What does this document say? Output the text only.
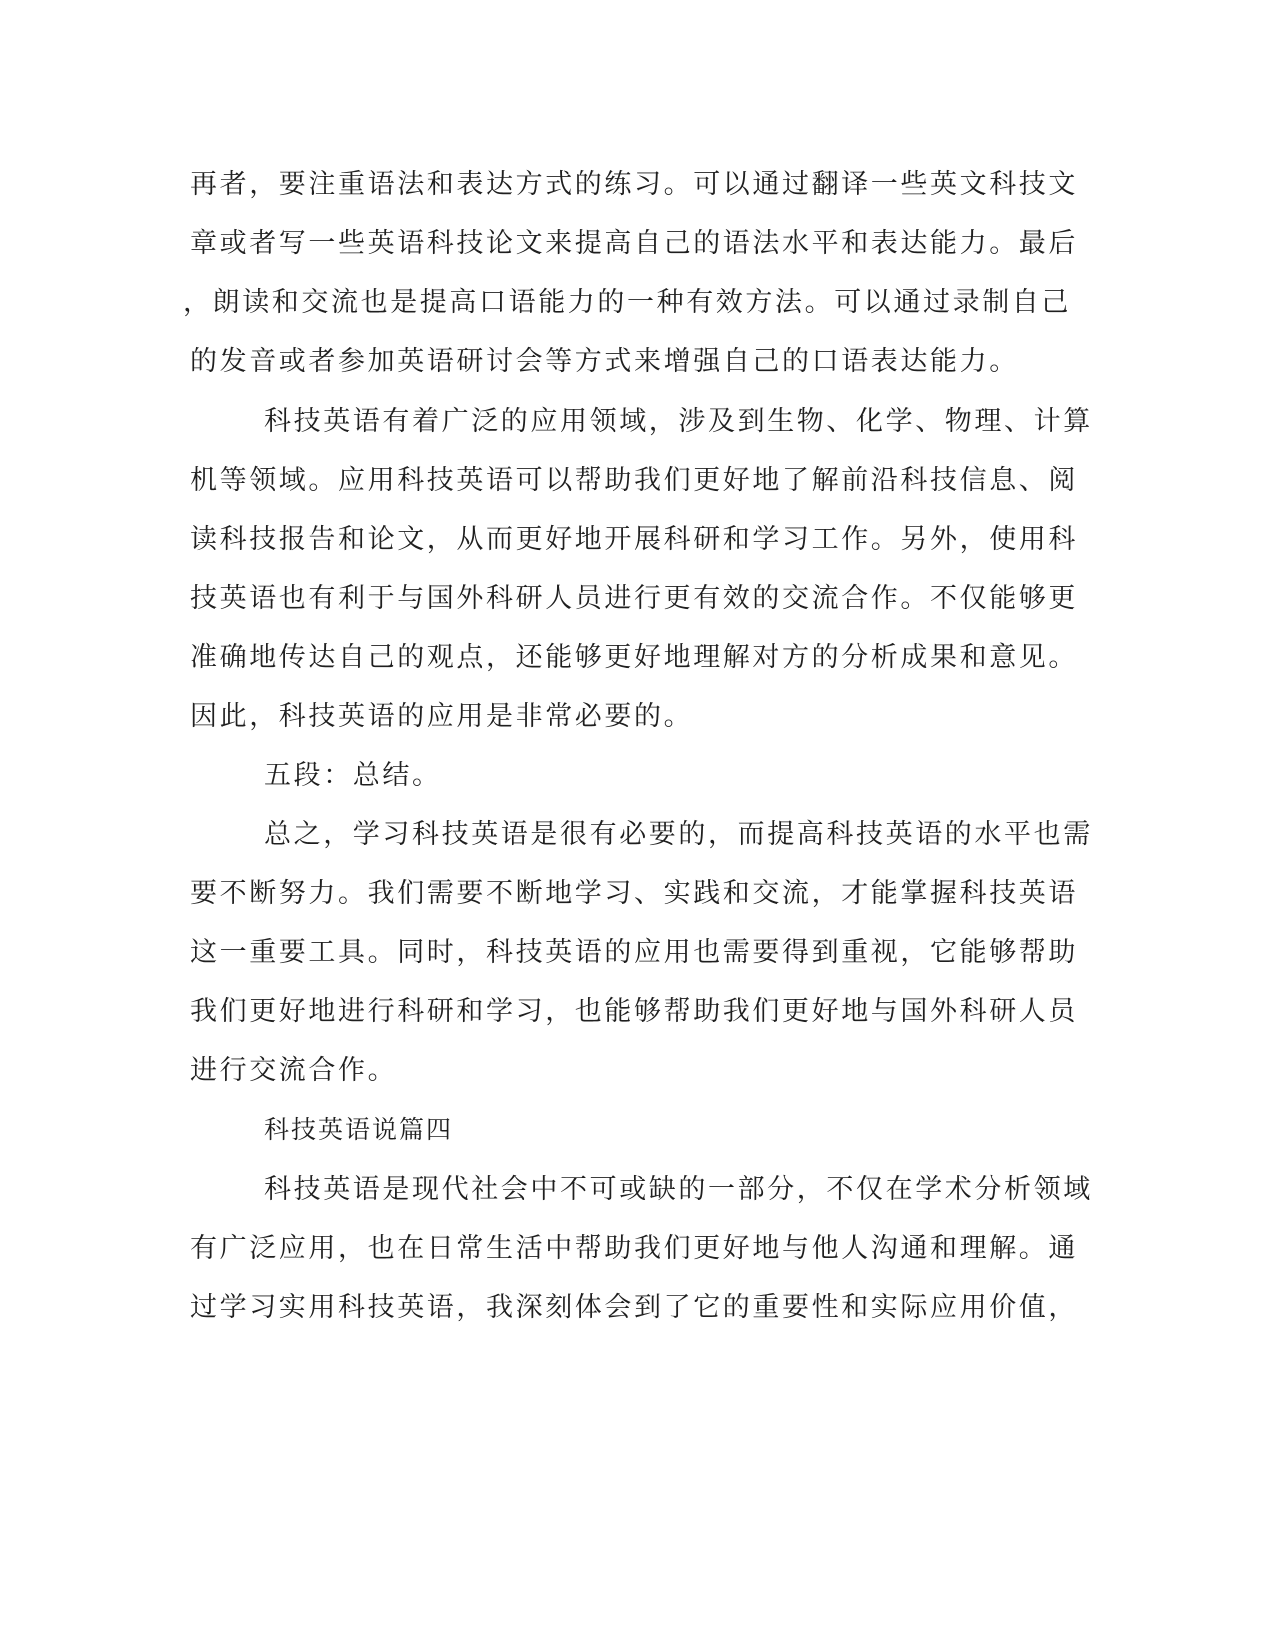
再者，要注重语法和表达方式的练习。可以通过翻译一些英文科技文
章或者写一些英语科技论文来提高自己的语法水平和表达能力。最后
，朗读和交流也是提高口语能力的一种有效方法。可以通过录制自己
的发音或者参加英语研讨会等方式来增强自己的口语表达能力。
科技英语有着广泛的应用领域，涉及到生物、化学、物理、计算
机等领域。应用科技英语可以帮助我们更好地了解前沿科技信息、阅
读科技报告和论文，从而更好地开展科研和学习工作。另外，使用科
技英语也有利于与国外科研人员进行更有效的交流合作。不仅能够更
准确地传达自己的观点，还能够更好地理解对方的分析成果和意见。
因此，科技英语的应用是非常必要的。
五段：总结。
总之，学习科技英语是很有必要的，而提高科技英语的水平也需
要不断努力。我们需要不断地学习、实践和交流，才能掌握科技英语
这一重要工具。同时，科技英语的应用也需要得到重视，它能够帮助
我们更好地进行科研和学习，也能够帮助我们更好地与国外科研人员
进行交流合作。
科技英语说篇四
科技英语是现代社会中不可或缺的一部分，不仅在学术分析领域
有广泛应用，也在日常生活中帮助我们更好地与他人沟通和理解。通
过学习实用科技英语，我深刻体会到了它的重要性和实际应用价值，
